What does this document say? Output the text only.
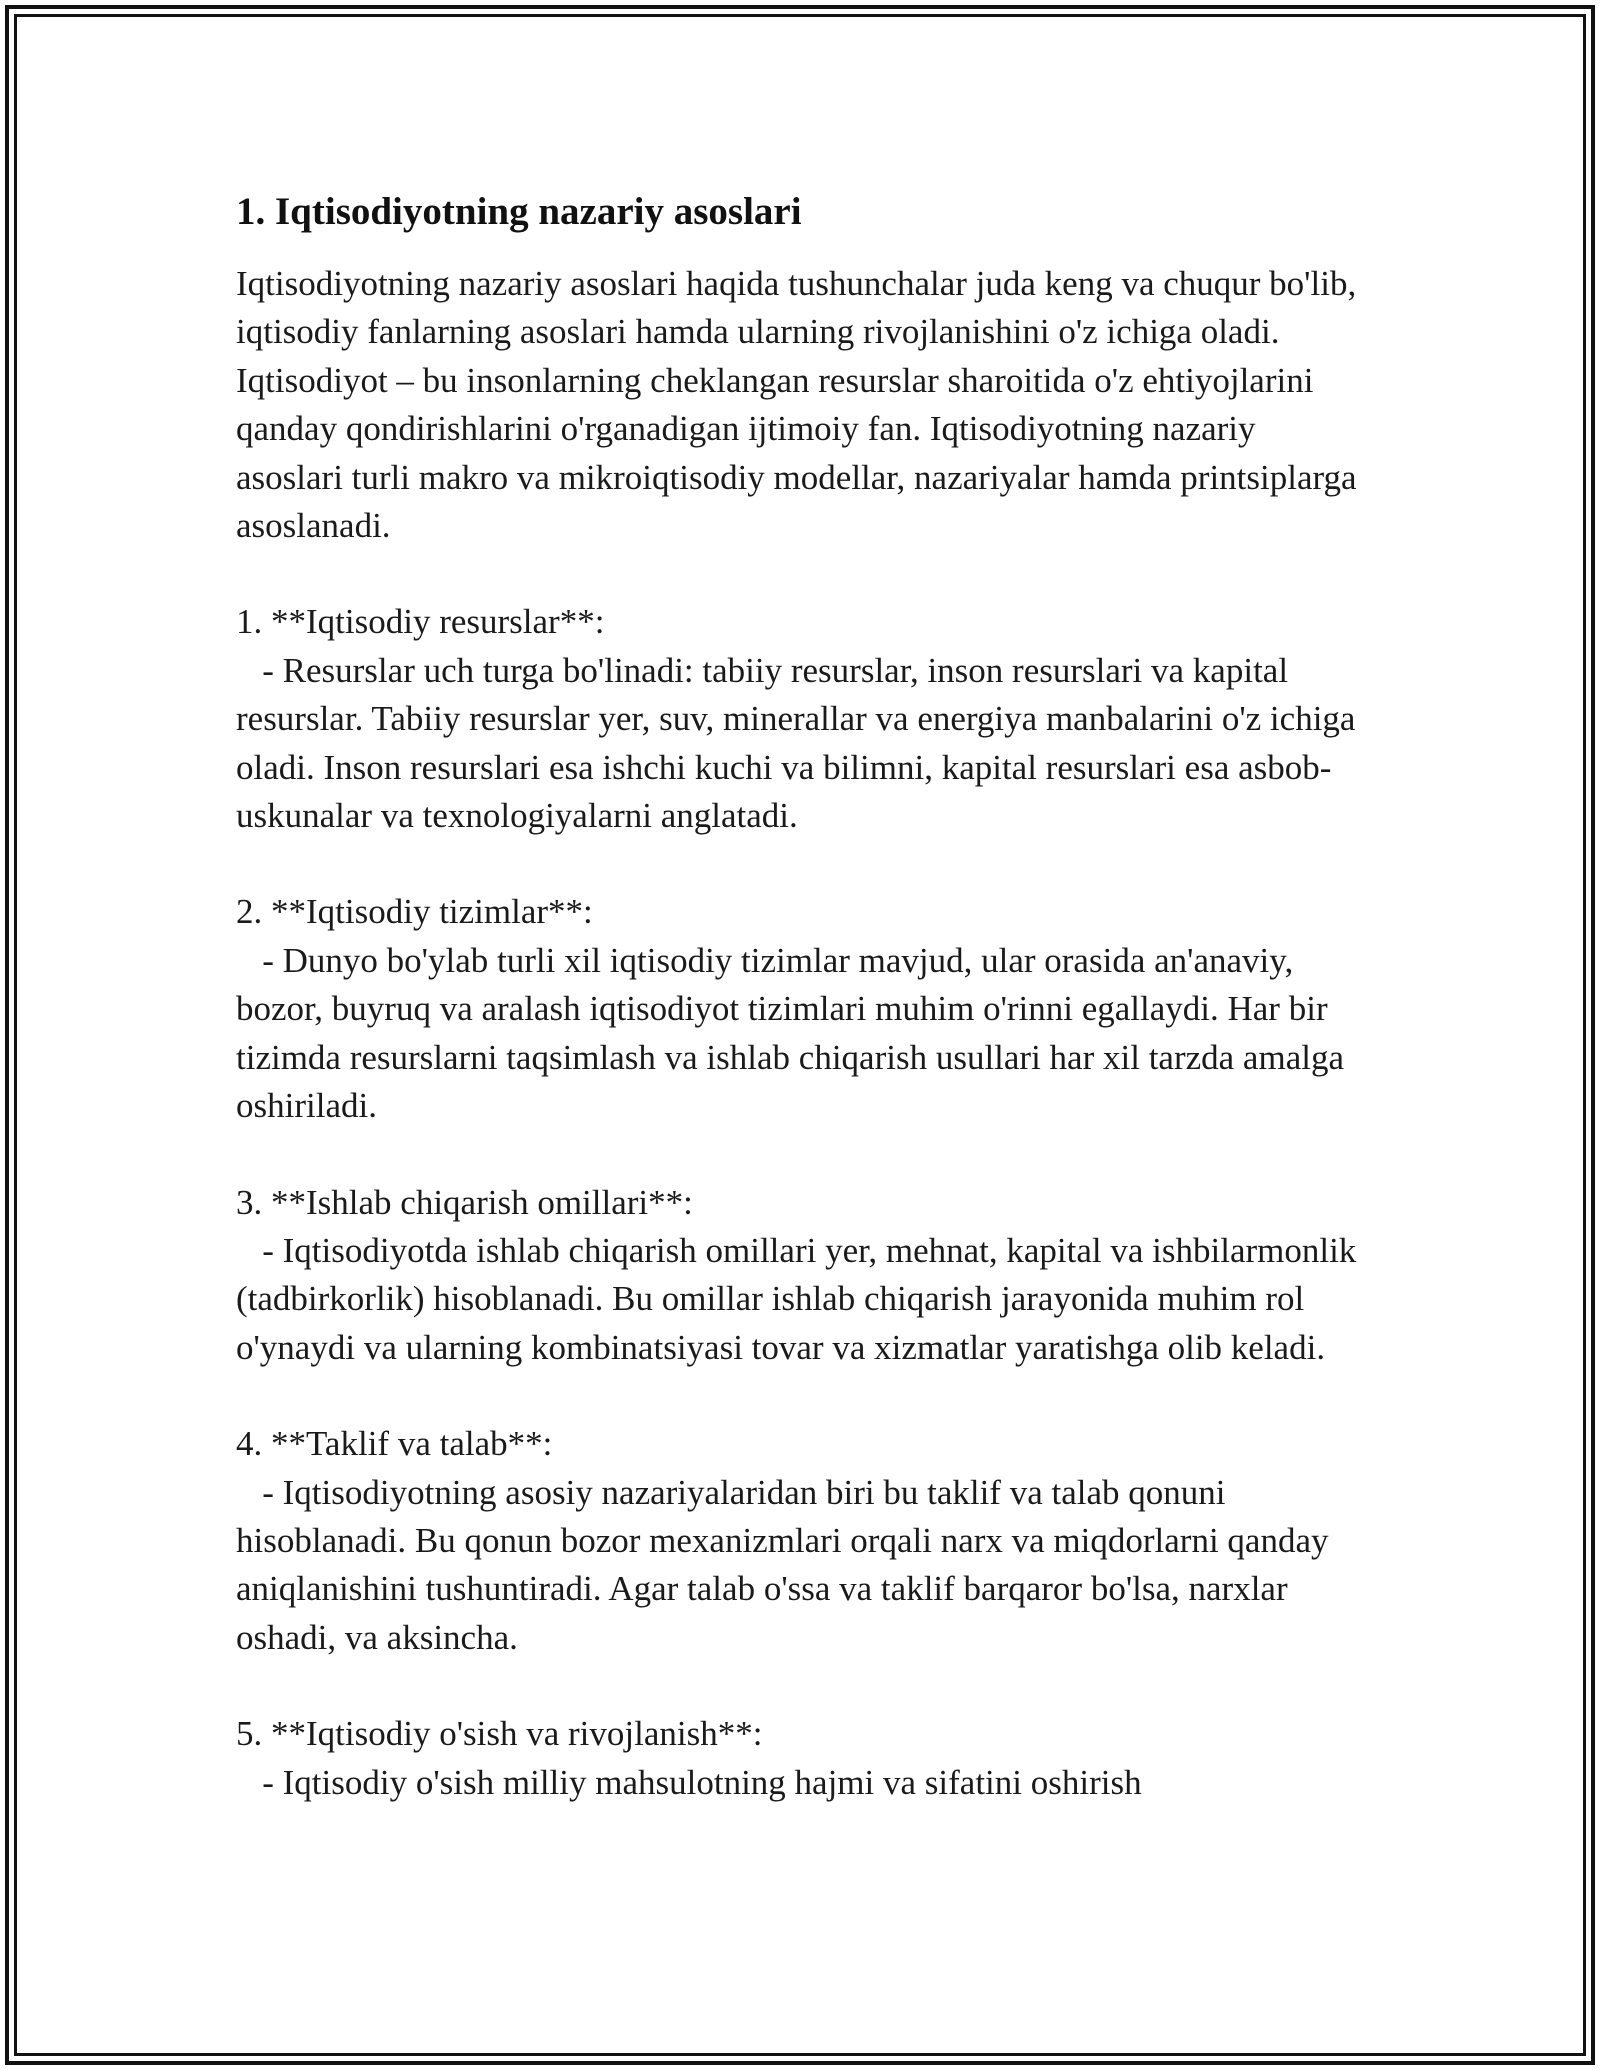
1. Iqtisodiyotning nazariy asoslari

Iqtisodiyotning nazariy asoslari haqida tushunchalar juda keng va chuqur bo'lib, iqtisodiy fanlarning asoslari hamda ularning rivojlanishini o'z ichiga oladi. Iqtisodiyot – bu insonlarning cheklangan resurslar sharoitida o'z ehtiyojlarini qanday qondirishlarini o'rganadigan ijtimoiy fan. Iqtisodiyotning nazariy asoslari turli makro va mikroiqtisodiy modellar, nazariyalar hamda printsiplarga asoslanadi.

1. **Iqtisodiy resurslar**:

- Resurslar uch turga bo'linadi: tabiiy resurslar, inson resurslari va kapital resurslar. Tabiiy resurslar yer, suv, minerallar va energiya manbalarini o'z ichiga oladi. Inson resurslari esa ishchi kuchi va bilimni, kapital resurslari esa asbob-uskunalar va texnologiyalarni anglatadi.

2. **Iqtisodiy tizimlar**:

- Dunyo bo'ylab turli xil iqtisodiy tizimlar mavjud, ular orasida an'anaviy, bozor, buyruq va aralash iqtisodiyot tizimlari muhim o'rinni egallaydi. Har bir tizimda resurslarni taqsimlash va ishlab chiqarish usullari har xil tarzda amalga oshiriladi.

3. **Ishlab chiqarish omillari**:

- Iqtisodiyotda ishlab chiqarish omillari yer, mehnat, kapital va ishbilarmonlik (tadbirkorlik) hisoblanadi. Bu omillar ishlab chiqarish jarayonida muhim rol o'ynaydi va ularning kombinatsiyasi tovar va xizmatlar yaratishga olib keladi.

4. **Taklif va talab**:

- Iqtisodiyotning asosiy nazariyalaridan biri bu taklif va talab qonuni hisoblanadi. Bu qonun bozor mexanizmlari orqali narx va miqdorlarni qanday aniqlanishini tushuntiradi. Agar talab o'ssa va taklif barqaror bo'lsa, narxlar oshadi, va aksincha.

5. **Iqtisodiy o'sish va rivojlanish**:

- Iqtisodiy o'sish milliy mahsulotning hajmi va sifatini oshirish
